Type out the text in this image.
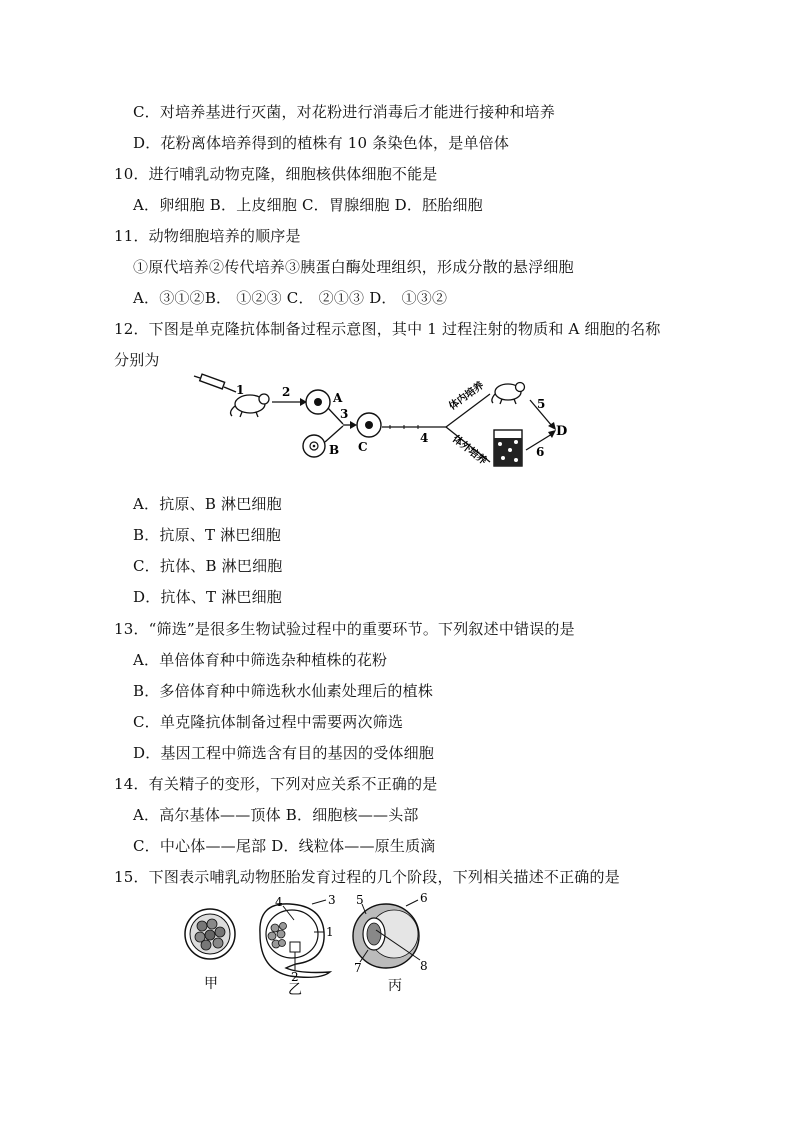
C．对培养基进行灭菌，对花粉进行消毒后才能进行接种和培养
D．花粉离体培养得到的植株有 10 条染色体，是单倍体
10．进行哺乳动物克隆，细胞核供体细胞不能是
A．卵细胞 B．上皮细胞 C．胃腺细胞 D．胚胎细胞
11．动物细胞培养的顺序是
①原代培养②传代培养③胰蛋白酶处理组织，形成分散的悬浮细胞
A．③①②B． ①②③ C． ②①③ D． ①③②
12．下图是单克隆抗体制备过程示意图，其中 1 过程注射的物质和 A 细胞的名称
分别为
1	2	A
B
3
C
4
体内培养
体外培养
5
6
D
A．抗原、B 淋巴细胞
B．抗原、T 淋巴细胞
C．抗体、B 淋巴细胞
D．抗体、T 淋巴细胞
13．“筛选”是很多生物试验过程中的重要环节。下列叙述中错误的是
A．单倍体育种中筛选杂种植株的花粉
B．多倍体育种中筛选秋水仙素处理后的植株
C．单克隆抗体制备过程中需要两次筛选
D．基因工程中筛选含有目的基因的受体细胞
14．有关精子的变形，下列对应关系不正确的是
A．高尔基体——顶体 B．细胞核——头部
C．中心体——尾部 D．线粒体——原生质滴
15．下图表示哺乳动物胚胎发育过程的几个阶段，下列相关描述不正确的是
甲
3
1
4
2
乙
5	6
7	8
丙
